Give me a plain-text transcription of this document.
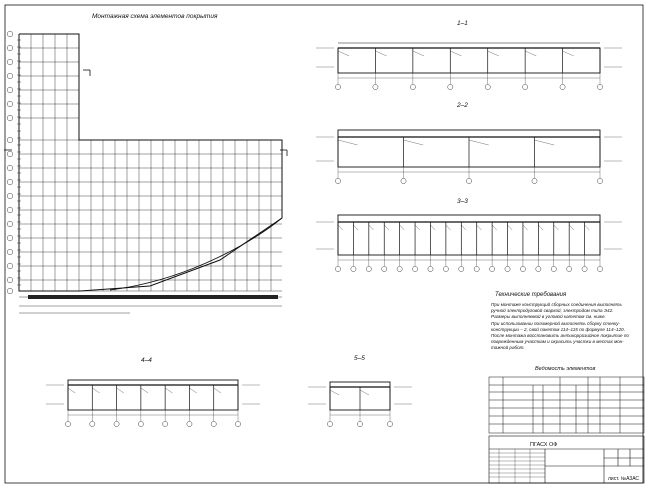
Монтажная схема элементов покрытия
1–1
2–2
3–3
4–4	5–5
Технические требования
При монтаже конструкций сборных соединения выполнять
ручной электродуговой сваркой, электродом типа Э42.
Размеры выполняемой в угловой катетом см. ниже.
При использовании полимерной выполнять сборку стенку-
конструкции – 2, свой пакетом 114–115 по формуле 114–120.
После монтажа восстановить антикоррозийное покрытие по
поврежденным участкам и окрасить участки в местах мон-
тажной работ.
Ведомость элементов
ПГАСХ ОФ
лист. №А3АС
